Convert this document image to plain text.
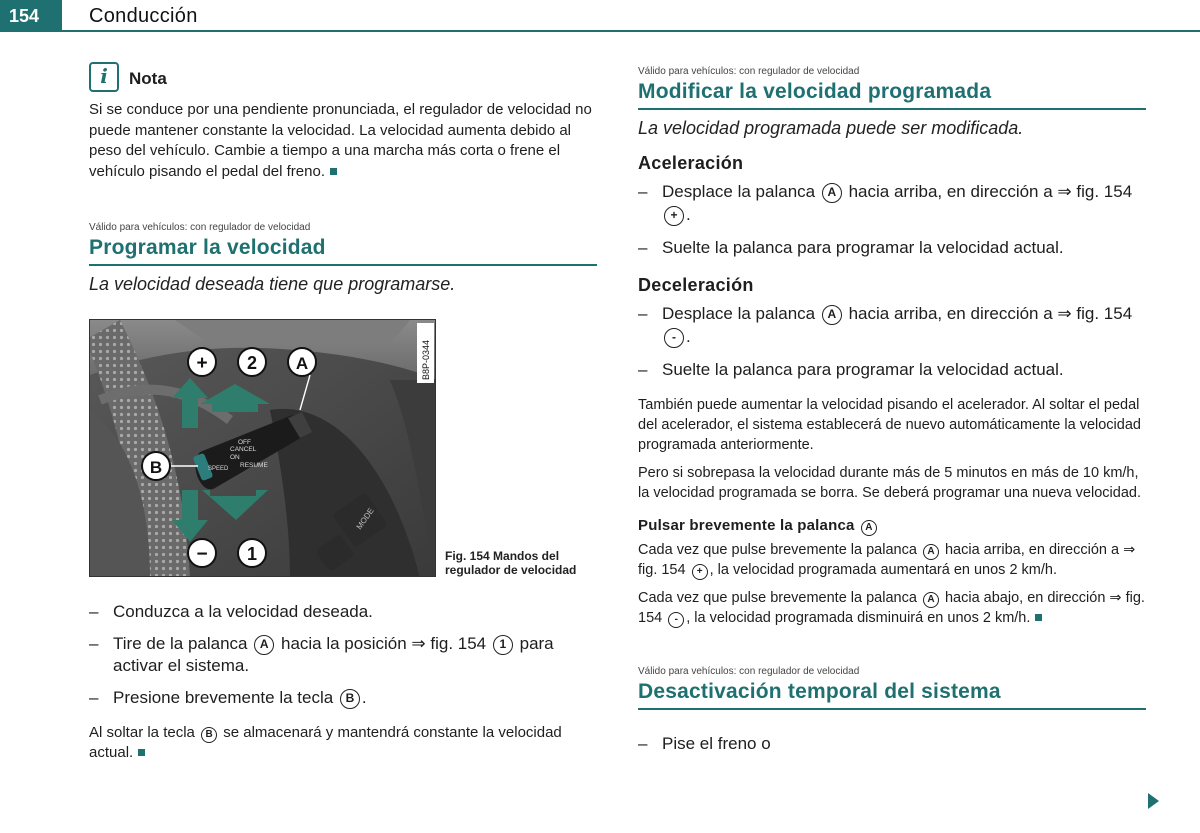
154	Conducción
i	Nota

Si se conduce por una pendiente pronunciada, el regulador de velocidad no puede mantener constante la velocidad. La velocidad aumenta debido al peso del vehículo. Cambie a tiempo a una marcha más corta o frene el vehículo pisando el pedal del freno.

Válido para vehículos: con regulador de velocidad
Programar la velocidad
La velocidad deseada tiene que programarse.
MODE
OFF
CANCEL
ON
RESUME
SPEED
+ 2 A
B
− 1
B8P-0344
Fig. 154 Mandos del
regulador de velocidad
– Conduzca a la velocidad deseada.
– Tire de la palanca A hacia la posición ⇒ fig. 154 1 para activar el sistema.
– Presione brevemente la tecla B .

Al soltar la tecla B se almacenará y mantendrá constante la velocidad actual.

Válido para vehículos: con regulador de velocidad
Modificar la velocidad programada
La velocidad programada puede ser modificada.
Aceleración
– Desplace la palanca A hacia arriba, en dirección a ⇒ fig. 154 + .
– Suelte la palanca para programar la velocidad actual.
Deceleración
– Desplace la palanca A hacia arriba, en dirección a ⇒ fig. 154 - .
– Suelte la palanca para programar la velocidad actual.

También puede aumentar la velocidad pisando el acelerador. Al soltar el pedal del acelerador, el sistema establecerá de nuevo automáticamente la velocidad programada anteriormente.

Pero si sobrepasa la velocidad durante más de 5 minutos en más de 10 km/h, la velocidad programada se borra. Se deberá programar una nueva velocidad.

Pulsar brevemente la palanca A

Cada vez que pulse brevemente la palanca A hacia arriba, en dirección a ⇒ fig. 154 + , la velocidad programada aumentará en unos 2 km/h.

Cada vez que pulse brevemente la palanca A hacia abajo, en dirección ⇒ fig. 154 - , la velocidad programada disminuirá en unos 2 km/h.

Válido para vehículos: con regulador de velocidad
Desactivación temporal del sistema
– Pise el freno o
